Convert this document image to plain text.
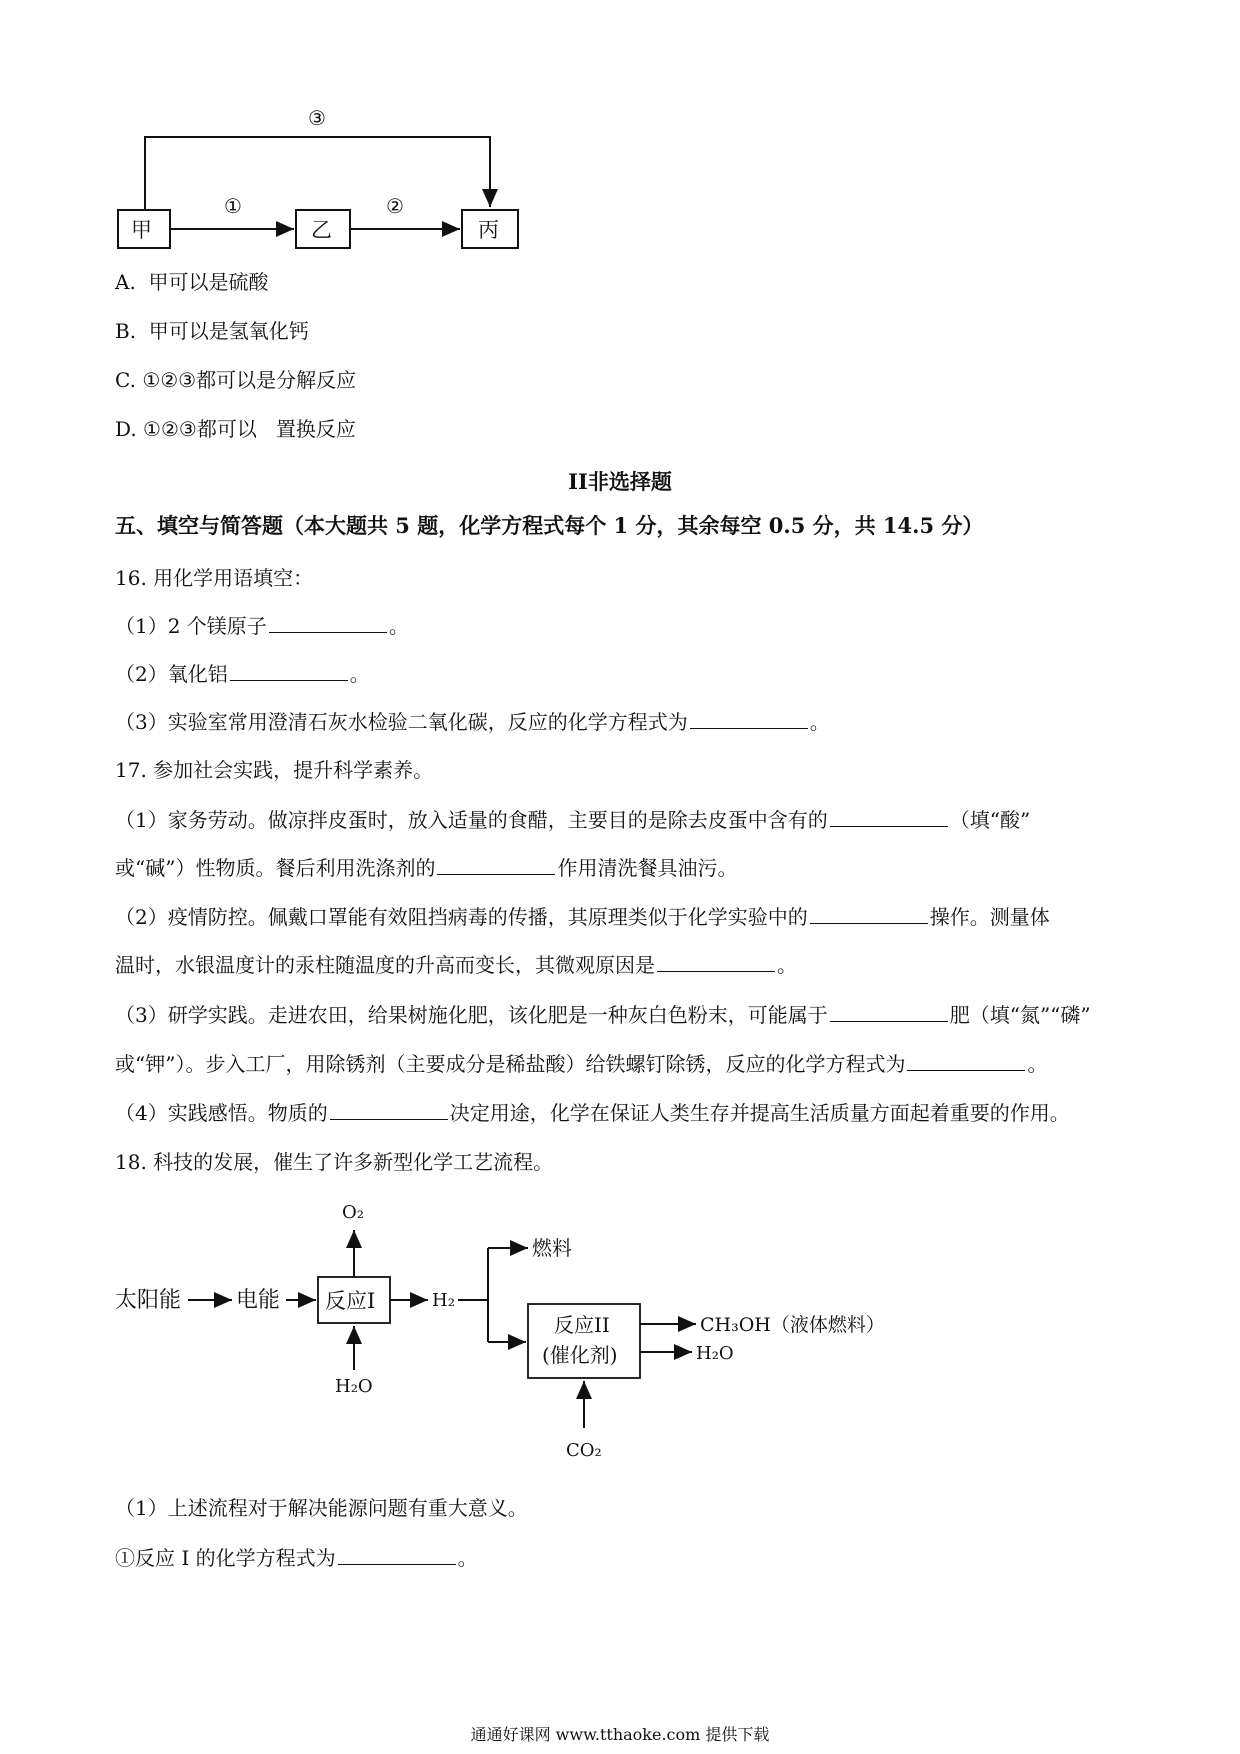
③
甲	乙	丙
①	②
A. 甲可以是硫酸
B. 甲可以是氢氧化钙
C. ①②③都可以是分解反应
D. ①②③都可以   置换反应
II非选择题
五、填空与简答题（本大题共 5 题，化学方程式每个 1 分，其余每空 0.5 分，共 14.5 分）
16. 用化学用语填空：
（1）2 个镁原子	。
（2）氧化铝	。
（3）实验室常用澄清石灰水检验二氧化碳，反应的化学方程式为	。
17. 参加社会实践，提升科学素养。
（1）家务劳动。做凉拌皮蛋时，放入适量的食醋，主要目的是除去皮蛋中含有的	（填“酸”
或“碱”）性物质。餐后利用洗涤剂的	作用清洗餐具油污。
（2）疫情防控。佩戴口罩能有效阻挡病毒的传播，其原理类似于化学实验中的	操作。测量体
温时，水银温度计的汞柱随温度的升高而变长，其微观原因是	。
（3）研学实践。走进农田，给果树施化肥，该化肥是一种灰白色粉末，可能属于	肥（填“氮”“磷”
或“钾”）。步入工厂，用除锈剂（主要成分是稀盐酸）给铁螺钉除锈，反应的化学方程式为	。
（4）实践感悟。物质的	决定用途，化学在保证人类生存并提高生活质量方面起着重要的作用。
18. 科技的发展，催生了许多新型化学工艺流程。
太阳能 电能 反应I
O₂
H₂O
H₂
燃料
反应II
(催化剂)
CH₃OH（液体燃料）
H₂O
CO₂
（1）上述流程对于解决能源问题有重大意义。
①反应 I 的化学方程式为	。
通通好课网 www.tthaoke.com 提供下载
